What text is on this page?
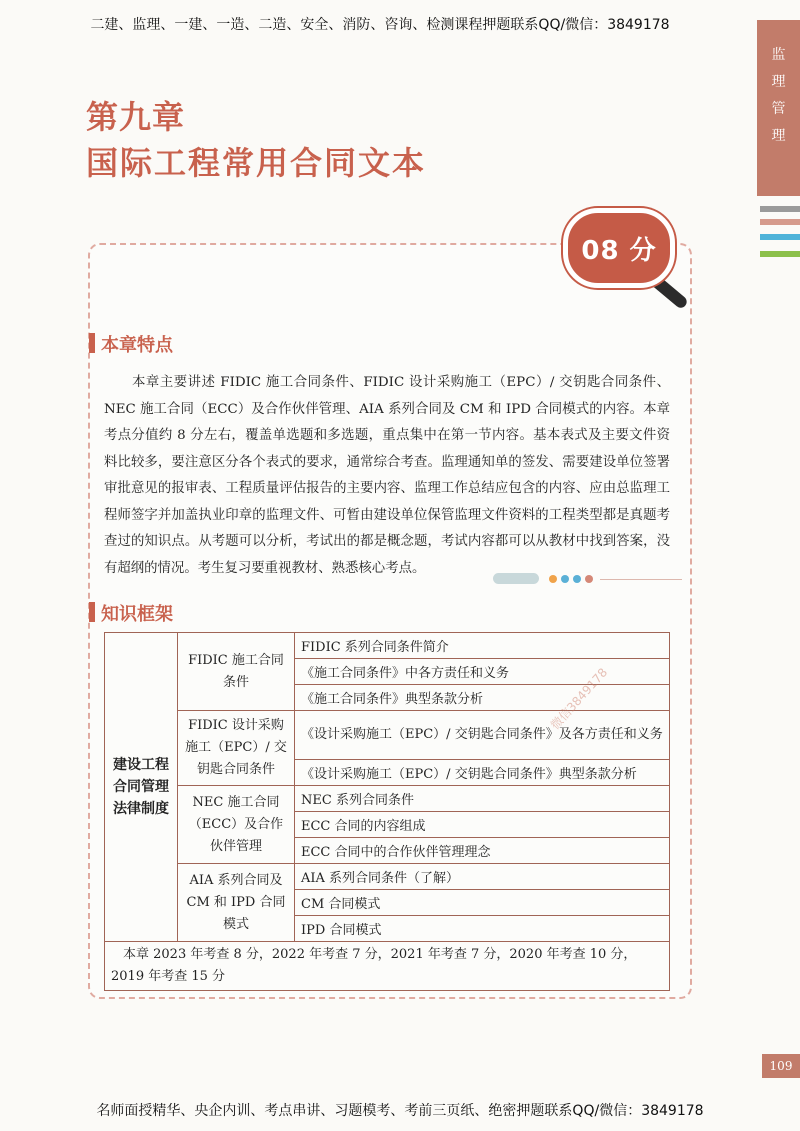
二建、监理、一建、一造、二造、安全、消防、咨询、检测课程押题联系QQ/微信：3849178
监
理
管
理
第九章
国际工程常用合同文本
08 分
本章特点
本章主要讲述 FIDIC 施工合同条件、FIDIC 设计采购施工（EPC）/ 交钥匙合同条件、NEC 施工合同（ECC）及合作伙伴管理、AIA 系列合同及 CM 和 IPD 合同模式的内容。本章考点分值约 8 分左右，覆盖单选题和多选题，重点集中在第一节内容。基本表式及主要文件资料比较多，要注意区分各个表式的要求，通常综合考查。监理通知单的签发、需要建设单位签署审批意见的报审表、工程质量评估报告的主要内容、监理工作总结应包含的内容、应由总监理工程师签字并加盖执业印章的监理文件、可暂由建设单位保管监理文件资料的工程类型都是真题考查过的知识点。从考题可以分析，考试出的都是概念题，考试内容都可以从教材中找到答案，没有超纲的情况。考生复习要重视教材、熟悉核心考点。
知识框架
建设工程合同管理法律制度	FIDIC 施工合同条件	FIDIC 系列合同条件简介
		《施工合同条件》中各方责任和义务
		《施工合同条件》典型条款分析
	FIDIC 设计采购施工（EPC）/ 交钥匙合同条件	《设计采购施工（EPC）/ 交钥匙合同条件》及各方责任和义务
		《设计采购施工（EPC）/ 交钥匙合同条件》典型条款分析
	NEC 施工合同（ECC）及合作伙伴管理	NEC 系列合同条件
		ECC 合同的内容组成
		ECC 合同中的合作伙伴管理理念
	AIA 系列合同及 CM 和 IPD 合同模式	AIA 系列合同条件（了解）
		CM 合同模式
		IPD 合同模式
本章 2023 年考查 8 分，2022 年考查 7 分，2021 年考查 7 分，2020 年考查 10 分，2019 年考查 15 分		
微信3849178
109
名师面授精华、央企内训、考点串讲、习题模考、考前三页纸、绝密押题联系QQ/微信：3849178
